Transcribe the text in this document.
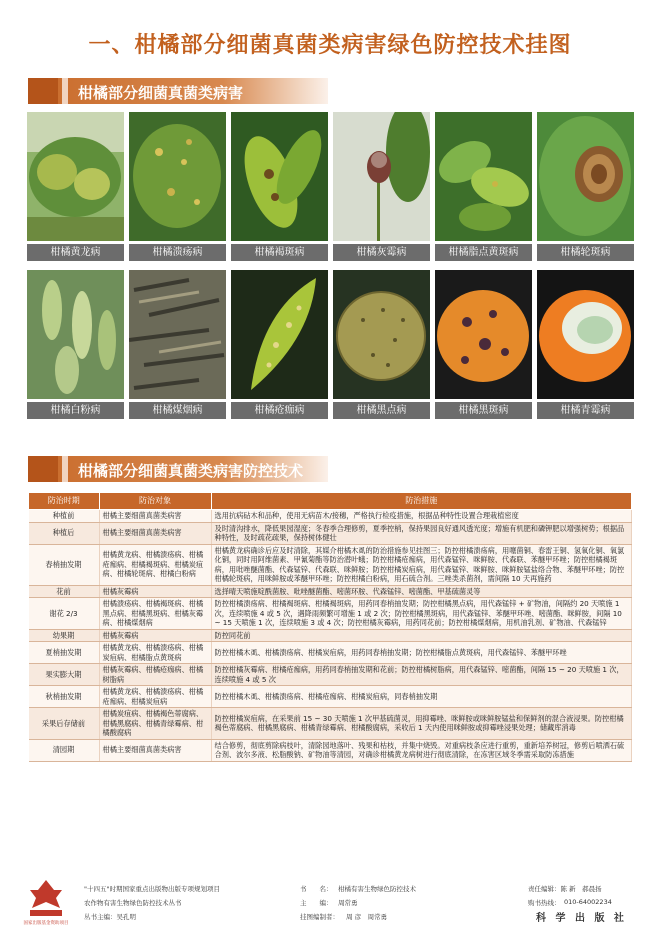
一、柑橘部分细菌真菌类病害绿色防控技术挂图
柑橘部分细菌真菌类病害
柑橘黄龙病	柑橘溃疡病	柑橘褐斑病	柑橘灰霉病	柑橘脂点黄斑病	柑橘轮斑病
柑橘白粉病	柑橘煤烟病	柑橘疮痂病	柑橘黑点病	柑橘黑斑病	柑橘青霉病
柑橘部分细菌真菌类病害防控技术
防治时期	防治对象	防治措施
种植前	柑橘主要细菌真菌类病害	选用抗病砧木和品种，使用无病苗木/接穗，严格执行检疫措施，根据品种特性设置合理栽植密度
种植后	柑橘主要细菌真菌类病害	及时清沟排水，降低果园湿度；冬春季合理修剪，夏季控梢，保持果园良好通风透光度；增施有机肥和磷钾肥以增强树势；根据品种特性，及时疏花疏果，保持树体健壮
春梢抽发期	柑橘黄龙病、柑橘溃疡病、柑橘疮痂病、柑橘褐斑病、柑橘炭疽病、柑橘轮斑病、柑橘白粉病	柑橘黄龙病确诊后应及时清除，其媒介柑橘木虱的防治措施参见挂图三；防控柑橘溃疡病，用噻菌铜、春雷王铜、氢氧化铜、氧氯化铜，同时用阿维菌素、甲氰菊酯等防治潜叶蛾；防控柑橘疮痂病，用代森锰锌、咪鲜胺、代森联、苯醚甲环唑；防控柑橘褐斑病，用吡唑醚菌酯、代森锰锌、代森联、咪鲜胺；防控柑橘炭疽病，用代森锰锌、咪鲜胺、咪鲜胺锰盐络合物、苯醚甲环唑；防控柑橘轮斑病，用咪鲜胺或苯醚甲环唑；防控柑橘白粉病，用石硫合剂。三唑类杀菌剂，需间隔 10 天再施药
花前	柑橘灰霉病	选择晴天喷施啶酰菌胺、吡唑醚菌酯、嘧菌环胺、代森锰锌、嘧菌酯、甲基硫菌灵等
谢花 2/3	柑橘溃疡病、柑橘褐斑病、柑橘黑点病、柑橘黑斑病、柑橘灰霉病、柑橘煤烟病	防控柑橘溃疡病、柑橘褐斑病、柑橘褐斑病，用药同春梢抽发期；防控柑橘黑点病，用代森锰锌 + 矿物油，间隔约 20 天喷施 1 次，连续喷施 4 或 5 次，遇降雨频繁可增施 1 或 2 次；防控柑橘黑斑病，用代森锰锌、苯醚甲环唑、嘧菌酯、咪鲜胺，间隔 10 ~ 15 天喷施 1 次，连续喷施 3 或 4 次；防控柑橘灰霉病，用药同花前；防控柑橘煤烟病，用机油乳剂、矿物油、代森锰锌
幼果期	柑橘灰霉病	防控同花前
夏梢抽发期	柑橘黄龙病、柑橘溃疡病、柑橘炭疽病、柑橘脂点黄斑病	防控柑橘木虱、柑橘溃疡病、柑橘炭疽病，用药同春梢抽发期；防控柑橘脂点黄斑病，用代森锰锌、苯醚甲环唑
果实膨大期	柑橘灰霉病、柑橘疮痂病、柑橘树脂病	防控柑橘灰霉病、柑橘疮痂病，用药同春梢抽发期和花前；防控柑橘树脂病，用代森锰锌、嘧菌酯，间隔 15 ~ 20 天喷施 1 次，连续喷施 4 或 5 次
秋梢抽发期	柑橘黄龙病、柑橘溃疡病、柑橘疮痂病、柑橘炭疽病	防控柑橘木虱、柑橘溃疡病、柑橘疮痂病、柑橘炭疽病，同春梢抽发期
采果后存储前	柑橘炭疽病、柑橘褐色蒂腐病、柑橘黑腐病、柑橘青绿霉病、柑橘酸腐病	防控柑橘炭疽病，在采果前 15 ~ 30 天喷施 1 次甲基硫菌灵，用抑霉唑、咪鲜胺或咪鲜胺锰盐和保鲜剂的混合液浸果。防控柑橘褐色蒂腐病、柑橘黑腐病、柑橘青绿霉病、柑橘酸腐病，采收后 1 天内使用咪鲜胺或抑霉唑浸果处理；储藏库消毒
清园期	柑橘主要细菌真菌类病害	结合修剪，彻底剪除病枝叶，清除园地落叶、残果和枯枝，并集中烧毁。对重病枝条应进行重剪，重新培养树冠，修剪后喷洒石硫合剂、波尔多液、松脂酸钠、矿物油等清园，对确诊柑橘黄龙病树进行彻底清除，在冻害区域冬季需采取防冻措施
国家出版基金资助项目
"十四五"时期国家重点出版物出版专项规划项目
农作物有害生物绿色防控技术丛书
丛书主编：吴孔明
书　　名： 柑橘有害生物绿色防控技术
主　　编： 周常勇
挂图编制者： 周 彦　周常勇
责任编辑：陈 新　郝晨扬
购书热线： 010-64002234
科 学 出 版 社
